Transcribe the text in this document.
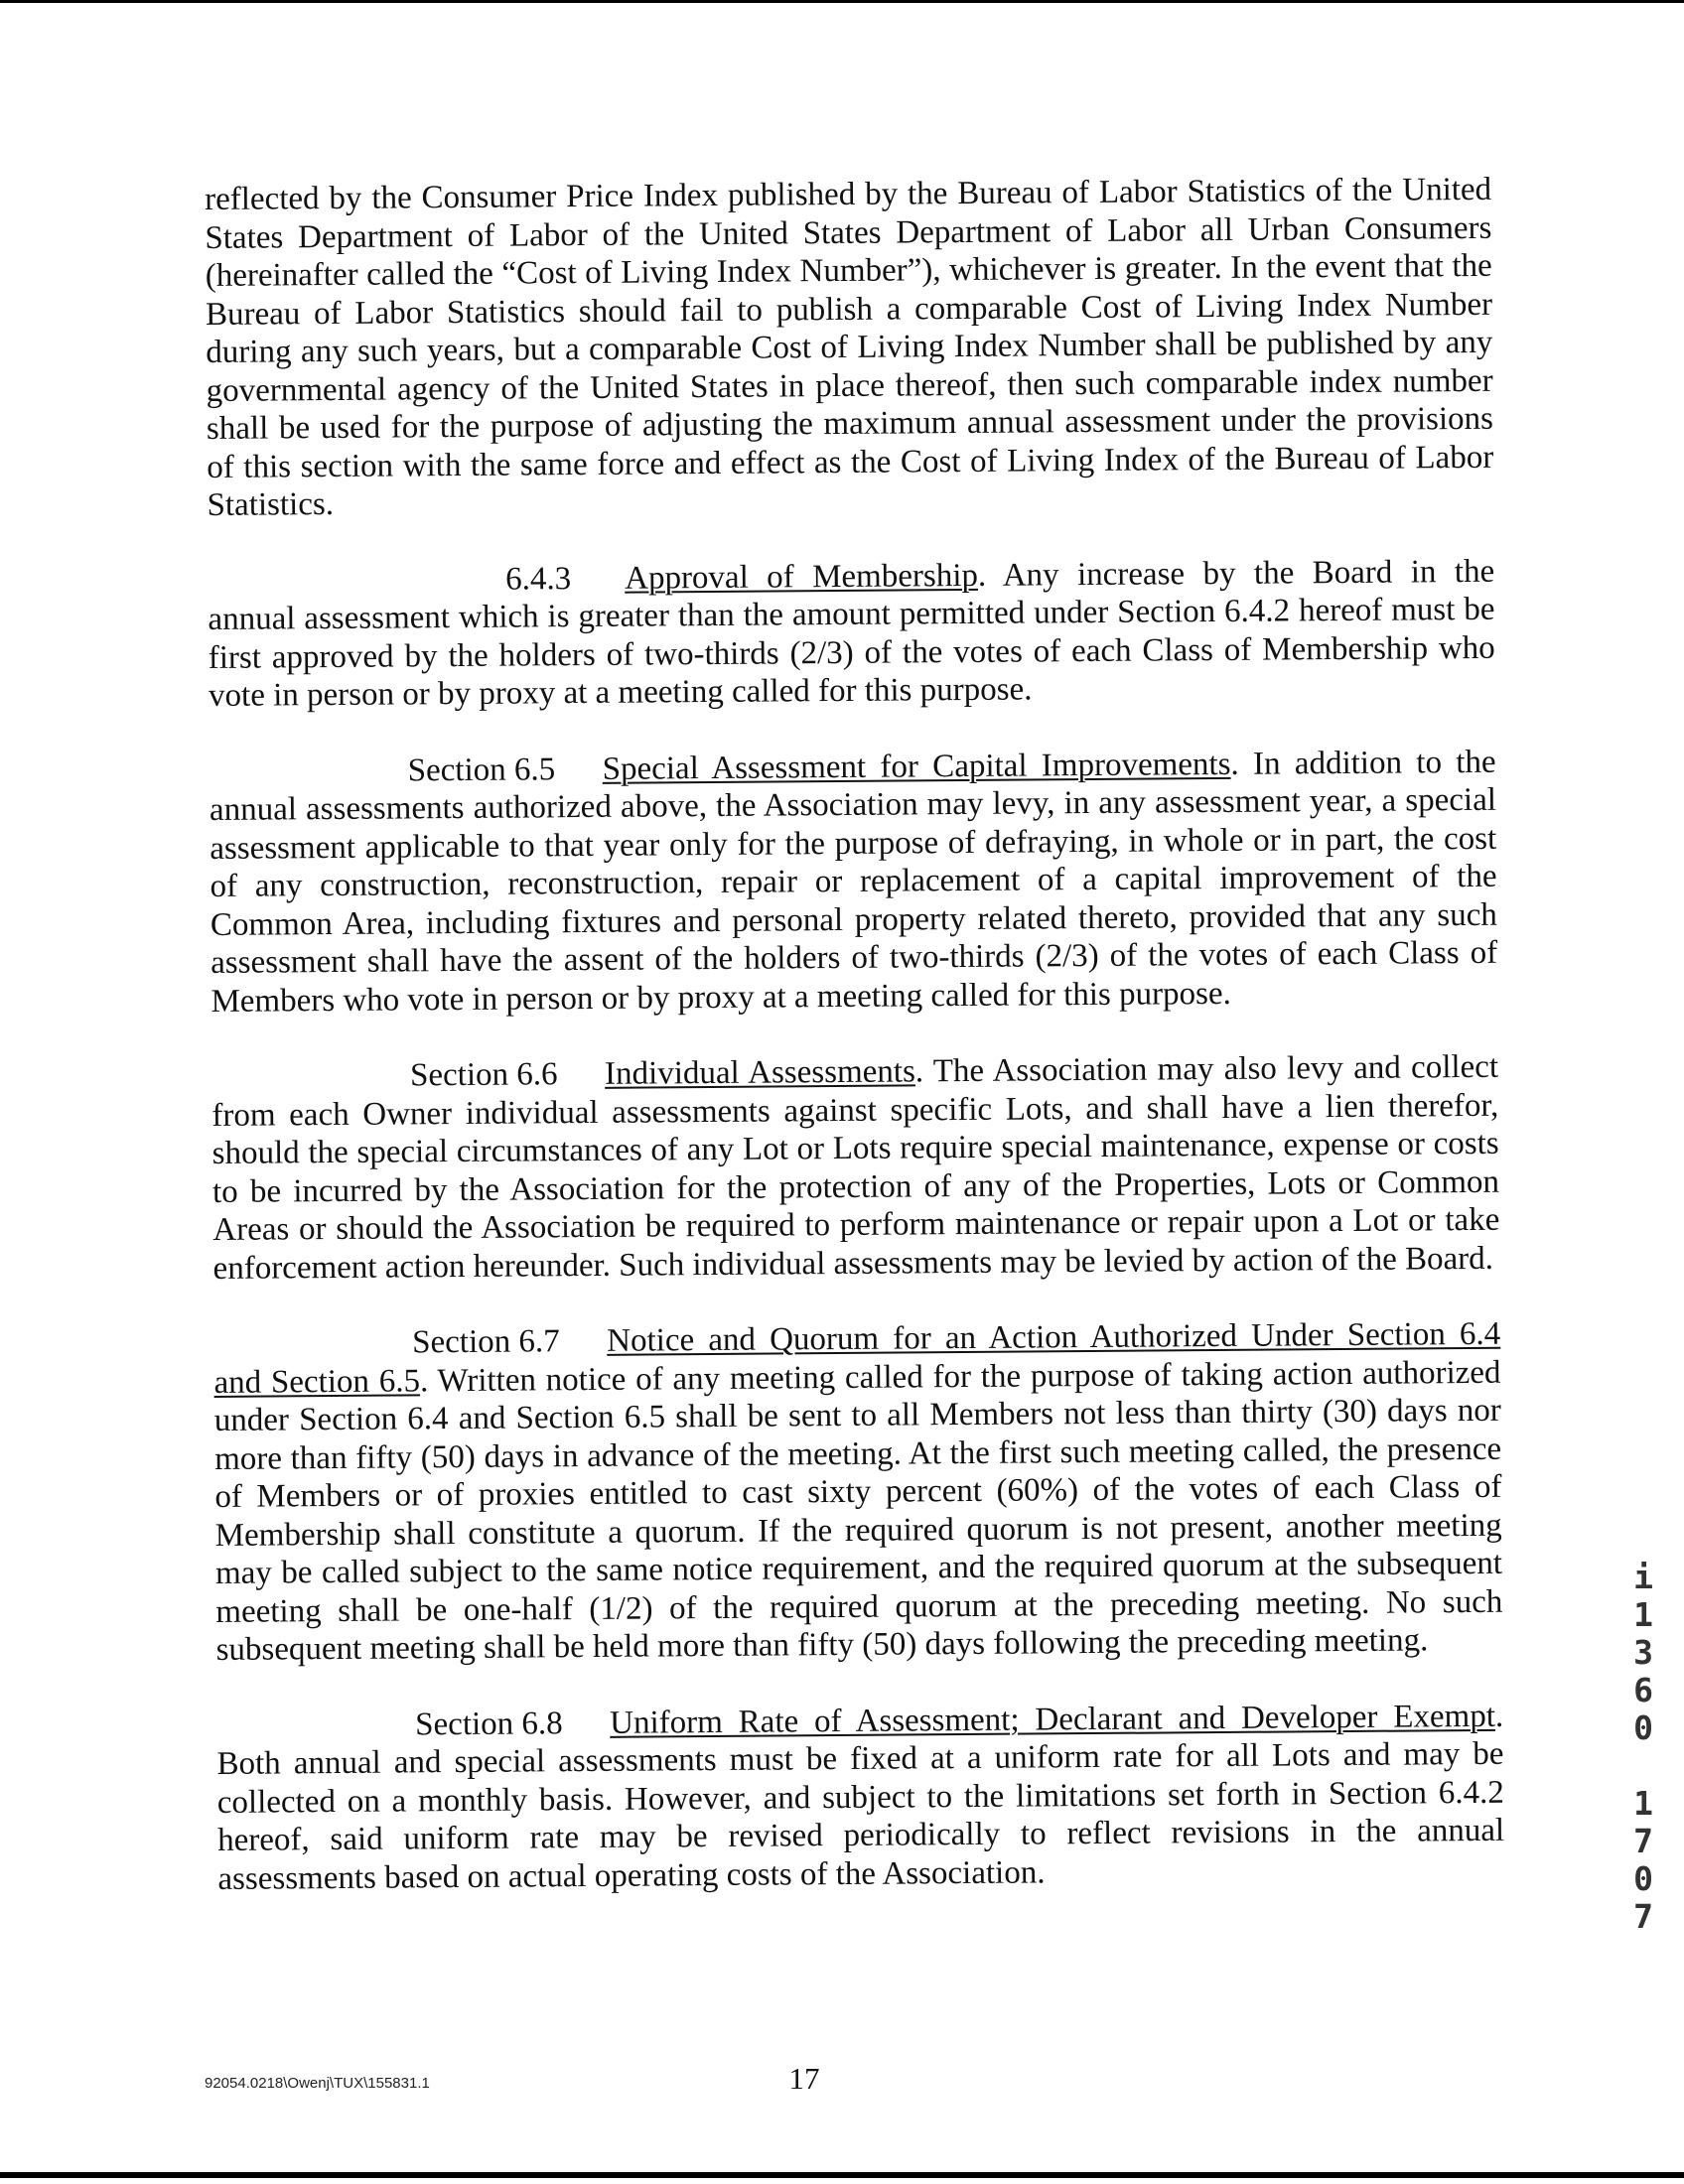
reflected by the Consumer Price Index published by the Bureau of Labor Statistics of the United States Department of Labor of the United States Department of Labor all Urban Consumers (hereinafter called the “Cost of Living Index Number”), whichever is greater. In the event that the Bureau of Labor Statistics should fail to publish a comparable Cost of Living Index Number during any such years, but a comparable Cost of Living Index Number shall be published by any governmental agency of the United States in place thereof, then such comparable index number shall be used for the purpose of adjusting the maximum annual assessment under the provisions of this section with the same force and effect as the Cost of Living Index of the Bureau of Labor Statistics.

6.4.3 Approval of Membership. Any increase by the Board in the annual assessment which is greater than the amount permitted under Section 6.4.2 hereof must be first approved by the holders of two-thirds (2/3) of the votes of each Class of Membership who vote in person or by proxy at a meeting called for this purpose.

Section 6.5 Special Assessment for Capital Improvements. In addition to the annual assessments authorized above, the Association may levy, in any assessment year, a special assessment applicable to that year only for the purpose of defraying, in whole or in part, the cost of any construction, reconstruction, repair or replacement of a capital improvement of the Common Area, including fixtures and personal property related thereto, provided that any such assessment shall have the assent of the holders of two-thirds (2/3) of the votes of each Class of Members who vote in person or by proxy at a meeting called for this purpose.

Section 6.6 Individual Assessments. The Association may also levy and collect from each Owner individual assessments against specific Lots, and shall have a lien therefor, should the special circumstances of any Lot or Lots require special maintenance, expense or costs to be incurred by the Association for the protection of any of the Properties, Lots or Common Areas or should the Association be required to perform maintenance or repair upon a Lot or take enforcement action hereunder. Such individual assessments may be levied by action of the Board.

Section 6.7 Notice and Quorum for an Action Authorized Under Section 6.4 and Section 6.5. Written notice of any meeting called for the purpose of taking action authorized under Section 6.4 and Section 6.5 shall be sent to all Members not less than thirty (30) days nor more than fifty (50) days in advance of the meeting. At the first such meeting called, the presence of Members or of proxies entitled to cast sixty percent (60%) of the votes of each Class of Membership shall constitute a quorum. If the required quorum is not present, another meeting may be called subject to the same notice requirement, and the required quorum at the subsequent meeting shall be one-half (1/2) of the required quorum at the preceding meeting. No such subsequent meeting shall be held more than fifty (50) days following the preceding meeting.

Section 6.8 Uniform Rate of Assessment; Declarant and Developer Exempt. Both annual and special assessments must be fixed at a uniform rate for all Lots and may be collected on a monthly basis. However, and subject to the limitations set forth in Section 6.4.2 hereof, said uniform rate may be revised periodically to reflect revisions in the annual assessments based on actual operating costs of the Association.

i
1
3
6
0
1
7
0
7
92054.0218\Owenj\TUX\155831.1	17
